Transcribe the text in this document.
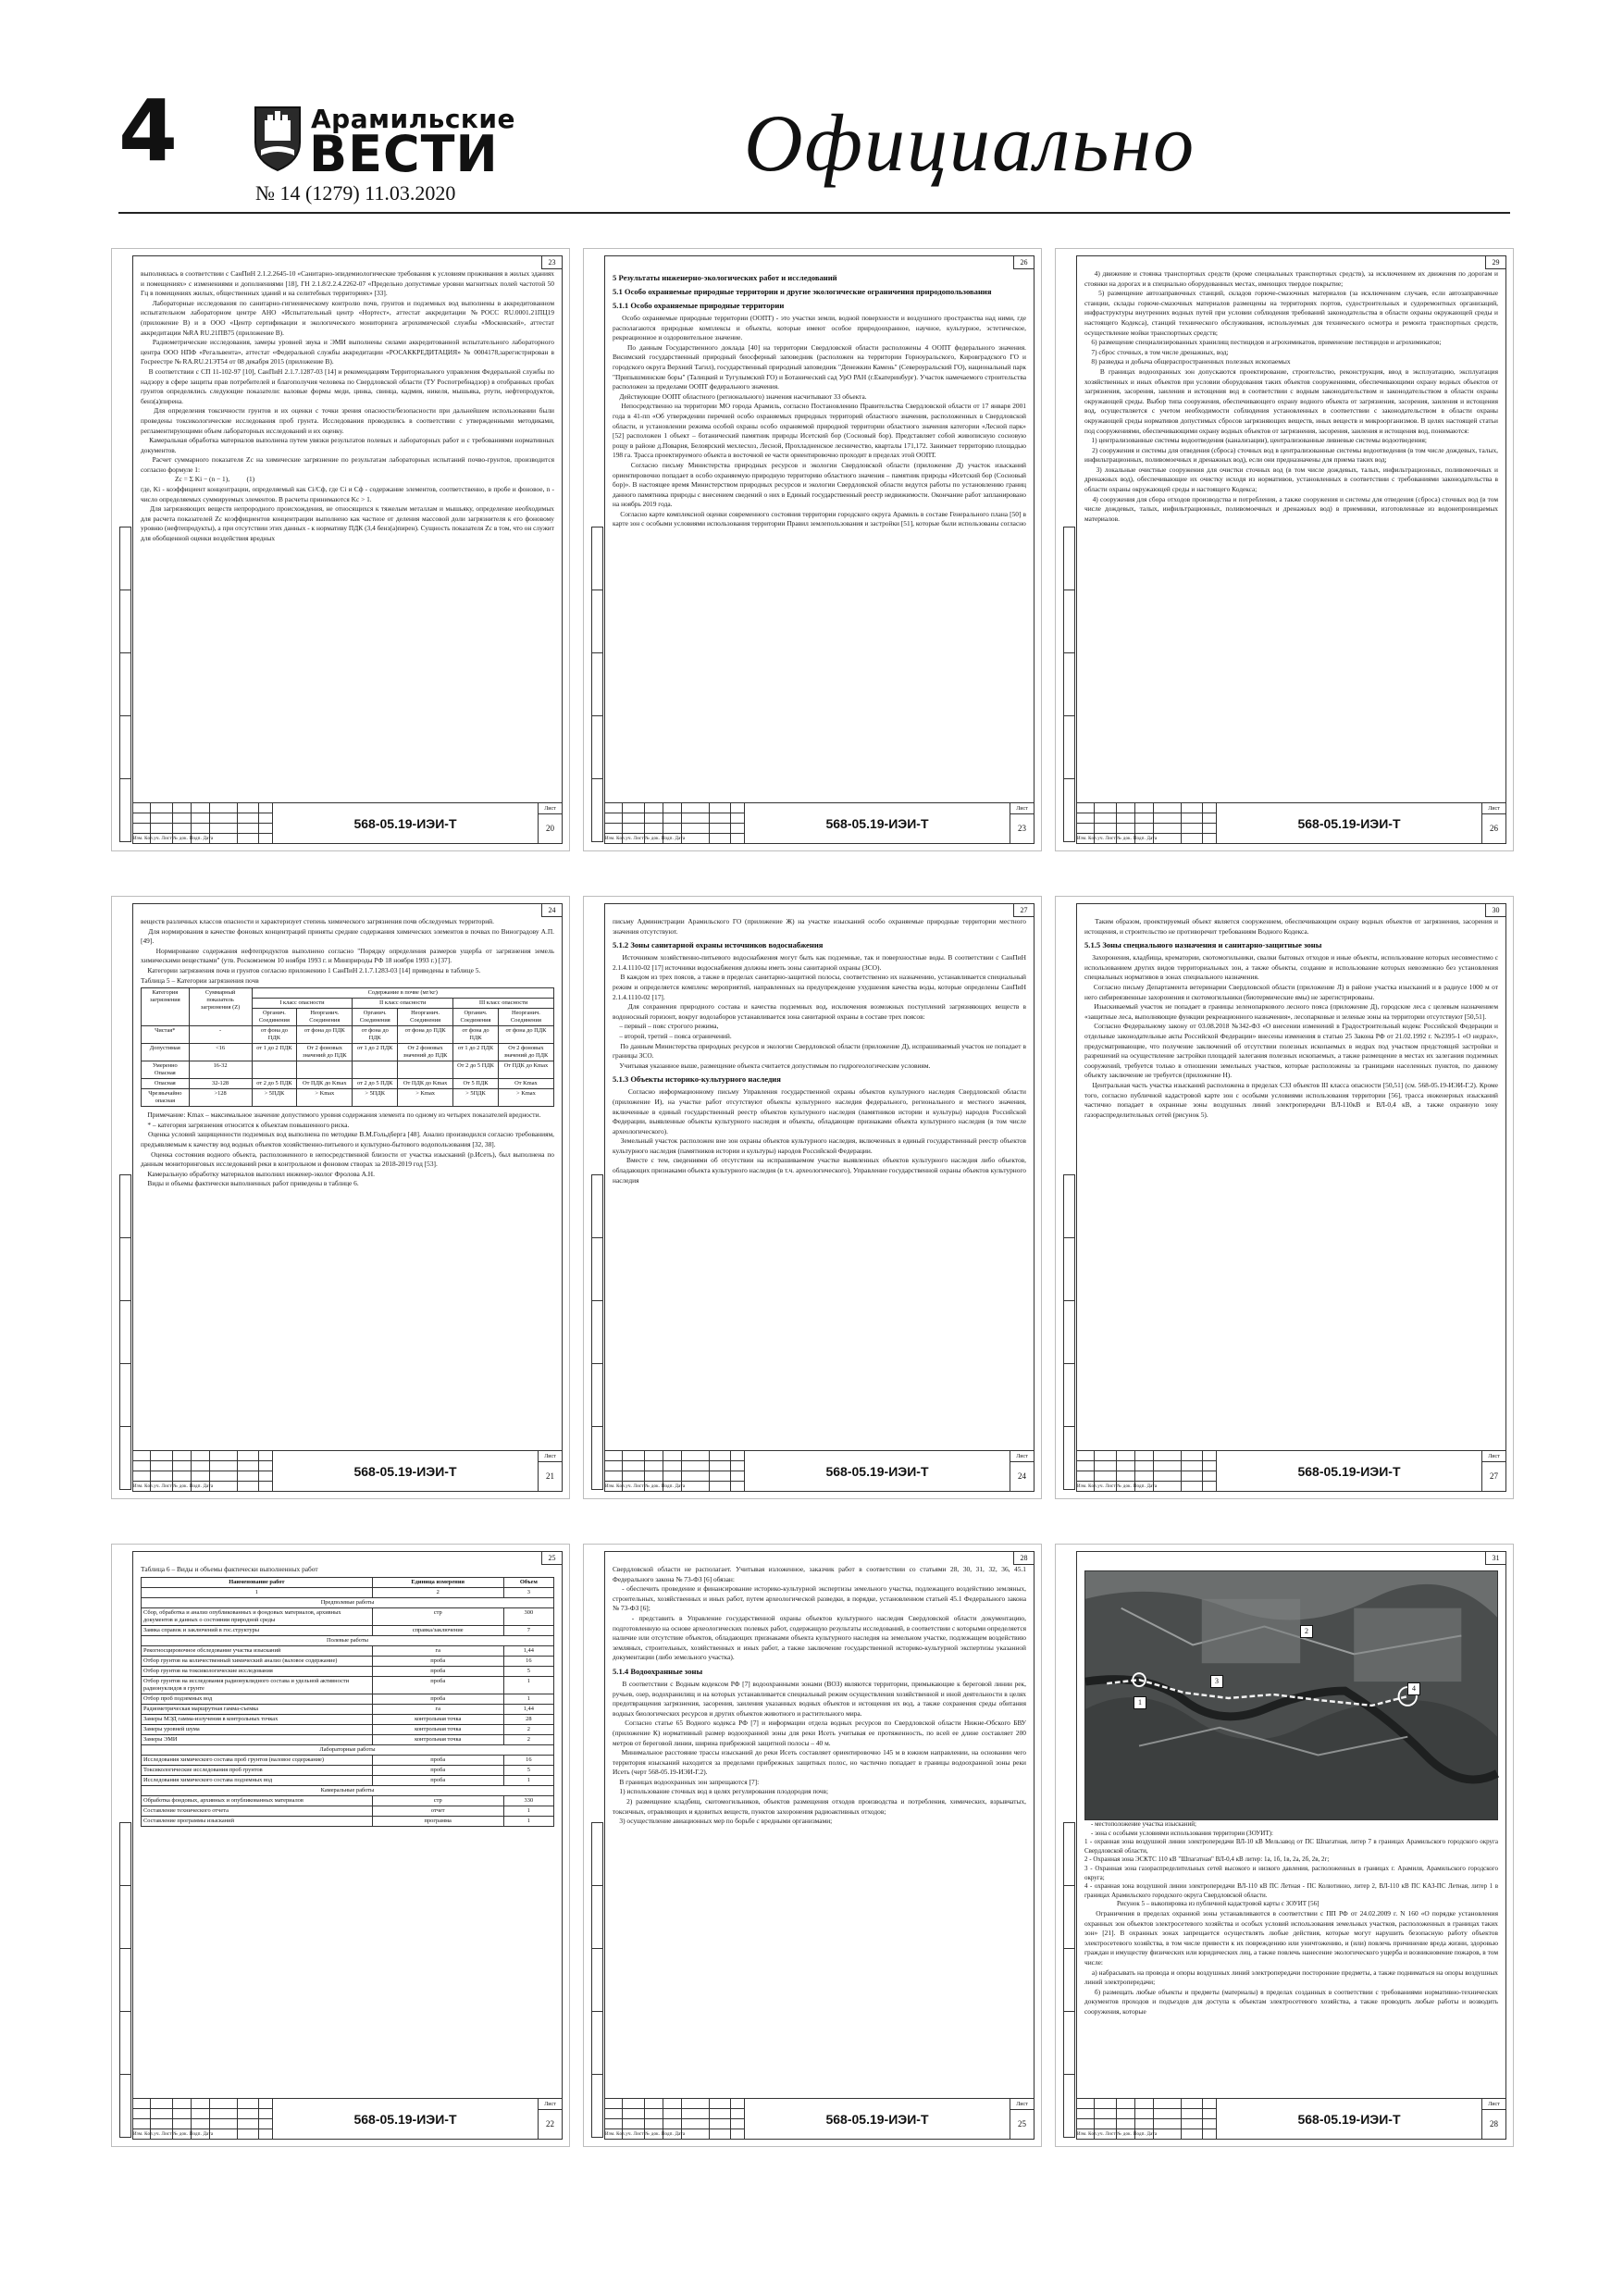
4	Арамильские
ВЕСТИ
№ 14 (1279) 11.03.2020
Официально
23
выполнялась в соответствии с СанПиН 2.1.2.2645-10 «Санитарно-эпидемиологические требования к условиям проживания в жилых зданиях и помещениях» с изменениями и дополнениями [18], ГН 2.1.8/2.2.4.2262-07 «Предельно допустимые уровни магнитных полей частотой 50 Гц в помещениях жилых, общественных зданий и на селитебных территориях» [33].
Лабораторные исследования по санитарно-гигиеническому контролю почв, грунтов и подземных вод выполнены в аккредитованном испытательном лабораторном центре АНО «Испытательный центр «Нортест», аттестат аккредитации №РОСС RU.0001.21ПЦ19 (приложение В) и в ООО «Центр сертификации и экологического мониторинга агрохимической службы «Московский», аттестат аккредитации №RA RU.21ПВ75 (приложение В).
Радиометрические исследования, замеры уровней звука и ЭМИ выполнены силами аккредитованной испытательного лабораторного центра ООО НПФ «Регальвента», аттестат «Федеральной службы аккредитации «РОСАККРЕДИТАЦИЯ» № 0004178,зарегистрирован в Госреестре № RA.RU.21ЭТ54 от 08 декабря 2015 (приложение В).
В соответствии с СП 11-102-97 [10], СанПиН 2.1.7.1287-03 [14] и рекомендациям Территориального управления Федеральной службы по надзору в сфере защиты прав потребителей и благополучия человека по Свердловской области (ТУ Роспотребнадзор) в отобранных пробах грунтов определялись следующие показатели: валовые формы меди, цинка, свинца, кадмия, никеля, мышьяка, ртути, нефтепродуктов, бенз(а)пирена.
Для определения токсичности грунтов и их оценки с точки зрения опасности/безопасности при дальнейшем использовании были проведены токсикологические исследования проб грунта. Исследования проводились в соответствии с утвержденными методиками, регламентирующими объем лабораторных исследований и их оценку.
Камеральная обработка материалов выполнена путем увязки результатов полевых и лабораторных работ и с требованиями нормативных документов.
Расчет суммарного показателя Zc на химические загрязнение по результатам лабораторных испытаний почво-грунтов, производится согласно формуле 1:
Zc = Σ Ki − (n − 1),          (1)
где, Ki - коэффициент концентрации, определяемый как Ci/Cф, где Ci и Cф - содержание элементов, соответственно, в пробе и фоновое, n - число определяемых суммируемых элементов. В расчеты принимаются Kc > 1.
Для загрязняющих веществ непрородного происхождения, не относящихся к тяжелым металлам и мышьяку, определение необходимых для расчета показателей Zc коэффициентов концентрации выполнено как частное от деления массовой доли загрязнителя к его фоновому уровню (нефтепродукты), а при отсутствии этих данных - к нормативу ПДК (3,4 бенз(а)пирен). Сущность показателя Zc в том, что он служит для обобщенной оценки воздействия вредных
Изм. Кол.уч. Лист № док. Подп. Дата
568-05.19-ИЭИ-Т
Лист
20
26
5 Результаты инженерно-экологических работ и исследований
5.1 Особо охраняемые природные территории и другие экологические ограничения природопользования
5.1.1 Особо охраняемые природные территории
Особо охраняемые природные территории (ООПТ) - это участки земли, водной поверхности и воздушного пространства над ними, где располагаются природные комплексы и объекты, которые имеют особое природоохранное, научное, культурное, эстетическое, рекреационное и оздоровительное значение.
По данным Государственного доклада [40] на территории Свердловской области расположены 4 ООПТ федерального значения. Висимский государственный природный биосферный заповедник (расположен на территории Горноуральского, Кировградского ГО и городского округа Верхний Тагил), государственный природный заповедник "Денежкин Камень" (Североуральский ГО), национальный парк "Припышминские боры" (Талицкий и Тугулымский ГО) и Ботанический сад УрО РАН (г.Екатеринбург). Участок намечаемого строительства расположен за пределами ООПТ федерального значения.
Действующие ООПТ областного (регионального) значения насчитывают 33 объекта.
Непосредственно на территории МО города Арамиль, согласно Постановлению Правительства Свердловской области от 17 января 2001 года в 41-пп «Об утверждении перечней особо охраняемых природных территорий областного значения, расположенных в Свердловской области, и установлении режима особой охраны особо охраняемой природной территории областного значения категории «Лесной парк» [52] расположен 1 объект – ботанический памятник природы Исетский бор (Сосновый бор). Представляет собой живописную сосновую рощу в районе д.Поварня, Белоярский мехлесхоз, Лесной, Прохладненское лесничество, кварталы 171,172. Занимает территорию площадью 198 га. Трасса проектируемого объекта в восточной ее части ориентировочно проходит в пределах этой ООПТ.
Согласно письму Министерства природных ресурсов и экологии Свердловской области (приложение Д) участок изысканий ориентировочно попадает в особо охраняемую природную территорию областного значения – памятник природы «Исетский бор (Сосновый бор)». В настоящее время Министерством природных ресурсов и экологии Свердловской области ведутся работы по установлению границ данного памятника природы с внесением сведений о них в Единый государственный реестр недвижимости. Окончание работ запланировано на ноябрь 2019 года.
Согласно карте комплексной оценки современного состояния территории городского округа Арамиль в составе Генерального плана [50] в карте зон с особыми условиями использования территории Правил землепользования и застройки [51], которые были использованы согласно
Изм. Кол.уч. Лист № док. Подп. Дата
568-05.19-ИЭИ-Т
Лист
23
29
4) движение и стоянка транспортных средств (кроме специальных транспортных средств), за исключением их движения по дорогам и стоянки на дорогах и в специально оборудованных местах, имеющих твердое покрытие;
5) размещение автозаправочных станций, складов горюче-смазочных материалов (за исключением случаев, если автозаправочные станции, склады горюче-смазочных материалов размещены на территориях портов, судостроительных и судоремонтных организаций, инфраструктуры внутренних водных путей при условии соблюдения требований законодательства в области охраны окружающей среды и настоящего Кодекса), станций технического обслуживания, используемых для технического осмотра и ремонта транспортных средств, осуществление мойки транспортных средств;
6) размещение специализированных хранилищ пестицидов и агрохимикатов, применение пестицидов и агрохимикатов;
7) сброс сточных, в том числе дренажных, вод;
8) разведка и добыча общераспространенных полезных ископаемых
В границах водоохранных зон допускаются проектирование, строительство, реконструкция, ввод в эксплуатацию, эксплуатация хозяйственных и иных объектов при условии оборудования таких объектов сооружениями, обеспечивающими охрану водных объектов от загрязнения, засорения, заиления и истощения вод в соответствии с водным законодательством и законодательством в области охраны окружающей среды. Выбор типа сооружения, обеспечивающего охрану водного объекта от загрязнения, засорения, заиления и истощения вод, осуществляется с учетом необходимости соблюдения установленных в соответствии с законодательством в области охраны окружающей среды нормативов допустимых сбросов загрязняющих веществ, иных веществ и микроорганизмов. В целях настоящей статьи под сооружениями, обеспечивающими охрану водных объектов от загрязнения, засорения, заиления и истощения вод, понимаются:
1) централизованные системы водоотведения (канализации), централизованные ливневые системы водоотведения;
2) сооружения и системы для отведения (сброса) сточных вод в централизованные системы водоотведения (в том числе дождевых, талых, инфильтрационных, поливомоечных и дренажных вод), если они предназначены для приема таких вод;
3) локальные очистные сооружения для очистки сточных вод (в том числе дождевых, талых, инфильтрационных, поливомоечных и дренажных вод), обеспечивающие их очистку исходя из нормативов, установленных в соответствии с требованиями законодательства в области охраны окружающей среды и настоящего Кодекса;
4) сооружения для сбора отходов производства и потребления, а также сооружения и системы для отведения (сброса) сточных вод (в том числе дождевых, талых, инфильтрационных, поливомоечных и дренажных вод) в приемники, изготовленные из водонепроницаемых материалов.
Изм. Кол.уч. Лист № док. Подп. Дата
568-05.19-ИЭИ-Т
Лист
26
24
веществ различных классов опасности и характеризует степень химического загрязнения почв обследуемых территорий.
Для нормирования в качестве фоновых концентраций приняты средние содержания химических элементов в почвах по Виноградову А.П. [49].
Нормирование содержания нефтепродуктов выполнено согласно "Порядку определения размеров ущерба от загрязнения земель химическими веществами" (утв. Роскомземом 10 ноября 1993 г. и Минприроды РФ 18 ноября 1993 г.) [37].
Категории загрязнения почв и грунтов согласно приложению 1 СанПиН 2.1.7.1283-03 [14] приведены в таблице 5.
Таблица 5 – Категории загрязнения почв
Категория загрязнения	Суммарный показатель загрязнения (Z)	Содержание в почве (мг/кг)					
		I класс опасности		II класс опасности		III класс опасности	
		Органич. Соединения	Неорганич. Соединения	Органич. Соединения	Неорганич. Соединения	Органич. Соединения	Неорганич. Соединения
Чистая*	-	от фона до ПДК	от фона до ПДК	от фона до ПДК	от фона до ПДК	от фона до ПДК	от фона до ПДК
Допустимая	<16	от 1 до 2 ПДК	От 2 фоновых значений до ПДК	от 1 до 2 ПДК	От 2 фоновых значений до ПДК	от 1 до 2 ПДК	От 2 фоновых значений до ПДК
Умеренно Опасная	16-32					От 2 до 5 ПДК	От ПДК до Kmax
Опасная	32-128	от 2 до 5 ПДК	От ПДК до Kmax	от 2 до 5 ПДК	От ПДК до Kmax	От 5 ПДК	От Kmax
Чрезвычайно опасная	>128	> 5ПДК	> Kmax	> 5ПДК	> Kmax	> 5ПДК	> Kmax
Примечание: Kmax – максимальное значение допустимого уровня содержания элемента по одному из четырех показателей вредности.
* – категория загрязнения относится к объектам повышенного риска.
Оценка условий защищенности подземных вод выполнена по методике В.М.Гольдберга [48]. Анализ производился согласно требованиям, предъявляемым к качеству вод водных объектов хозяйственно-питьевого и культурно-бытового водопользования [32, 38].
Оценка состояния водного объекта, расположенного в непосредственной близости от участка изысканий (р.Исеть), был выполнена по данным мониторинговых исследований реки в контрольном и фоновом створах за 2018-2019 год [53].
Камеральную обработку материалов выполнил инженер-эколог Фролова А.Н.
Виды и объемы фактически выполненных работ приведены в таблице 6.
Изм. Кол.уч. Лист № док. Подп. Дата
568-05.19-ИЭИ-Т
Лист
21
27
письму Администрации Арамильского ГО (приложение Ж) на участке изысканий особо охраняемые природные территории местного значения отсутствуют.
5.1.2 Зоны санитарной охраны источников водоснабжения
Источником хозяйственно-питьевого водоснабжения могут быть как подземные, так и поверхностные воды. В соответствии с СанПиН 2.1.4.1110-02 [17] источники водоснабжения должны иметь зоны санитарной охраны (ЗСО).
В каждом из трех поясов, а также в пределах санитарно-защитной полосы, соответственно их назначению, устанавливается специальный режим и определяется комплекс мероприятий, направленных на предупреждение ухудшения качества воды, которые определены СанПиН 2.1.4.1110-02 [17].
Для сохранения природного состава и качества подземных вод, исключения возможных поступлений загрязняющих веществ в водоносный горизонт, вокруг водозаборов устанавливается зона санитарной охраны в составе трех поясов:
– первый – пояс строгого режима,
– второй, третий – пояса ограничений.
По данным Министерства природных ресурсов и экологии Свердловской области (приложение Д), испрашиваемый участок не попадает в границы ЗСО.
Учитывая указанное выше, размещение объекта считается допустимым по гидрогеологическим условиям.
5.1.3 Объекты историко-культурного наследия
Согласно информационному письму Управления государственной охраны объектов культурного наследия Свердловской области (приложение И), на участке работ отсутствуют объекты культурного наследия федерального, регионального и местного значения, включенные в единый государственный реестр объектов культурного наследия (памятников истории и культуры) народов Российской Федерации, выявленные объекты культурного наследия и объекты, обладающие признаками объекта культурного наследия (в том числе археологического).
Земельный участок расположен вне зон охраны объектов культурного наследия, включенных в единый государственный реестр объектов культурного наследия (памятников истории и культуры) народов Российской Федерации.
Вместе с тем, сведениями об отсутствии на испрашиваемом участке выявленных объектов культурного наследия либо объектов, обладающих признаками объекта культурного наследия (в т.ч. археологического), Управление государственной охраны объектов культурного наследия
Изм. Кол.уч. Лист № док. Подп. Дата
568-05.19-ИЭИ-Т
Лист
24
30
Таким образом, проектируемый объект является сооружением, обеспечивающим охрану водных объектов от загрязнения, засорения и истощения, и строительство не противоречит требованиям Водного Кодекса.
5.1.5 Зоны специального назначения и санитарно-защитные зоны
Захоронения, кладбища, крематории, скотомогильники, свалки бытовых отходов и иные объекты, использование которых несовместимо с использованием других видов территориальных зон, а также объекты, создание и использование которых невозможно без установления специальных нормативов в зонах специального назначения.
Согласно письму Департамента ветеринарии Свердловской области (приложение Л) в районе участка изысканий и в радиусе 1000 м от него сибиреязвенные захоронения и скотомогильники (биотермические ямы) не зарегистрированы.
Изыскиваемый участок не попадает в границы зеленопаркового лесного пояса (приложение Д), городские леса с целевым назначением «защитные леса, выполняющие функции рекреационного назначения», лесопарковые и зеленые зоны на территории отсутствуют [50,51].
Согласно Федеральному закону от 03.08.2018 №342-ФЗ «О внесении изменений в Градостроительный кодекс Российской Федерации и отдельные законодательные акты Российской Федерации» внесены изменения в статью 25 Закона РФ от 21.02.1992 г. №2395-1 «О недрах», предусматривающие, что получение заключений об отсутствии полезных ископаемых в недрах под участком предстоящей застройки и разрешений на осуществление застройки площадей залегания полезных ископаемых, а также размещение в местах их залегания подземных сооружений, требуется только в отношении земельных участков, которые расположены за границами населенных пунктов, по данному объекту заключение не требуется (приложение Н).
Центральная часть участка изысканий расположена в пределах СЗЗ объектов III класса опасности [50,51] (см. 568-05.19-ИЭИ-Г.2). Кроме того, согласно публичной кадастровой карте зон с особыми условиями использования территории [56], трасса инженерных изысканий частично попадает в охранные зоны воздушных линий электропередачи ВЛ-110кВ и ВЛ-0,4 кВ, а также охранную зону газораспределительных сетей (рисунок 5).
Изм. Кол.уч. Лист № док. Подп. Дата
568-05.19-ИЭИ-Т
Лист
27
25
Таблица 6 – Виды и объемы фактически выполненных работ
Наименование работ	Единица измерения	Объем
1	2	3
Предполевые работы		
Сбор, обработка и анализ опубликованных и фондовых материалов, архивных документов и данных о состоянии природной среды	стр	300
Заявка справок и заключений в гос.структуры	справка/заключение	7
Полевые работы		
Рекогносцировочное обследование участка изысканий	га	1,44
Отбор грунтов на количественный химический анализ (валовое содержание)	проба	16
Отбор грунтов на токсикологические исследования	проба	5
Отбор грунтов на исследования радионуклидного состава и удельной активности радионуклидов в грунте	проба	1
Отбор проб подземных вод	проба	1
Радиометрическая маршрутная гамма-съемка	га	1,44
Замеры МЭД гамма-излучения в контрольных точках	контрольная точка	28
Замеры уровней шума	контрольная точка	2
Замеры ЭМИ	контрольная точка	2
Лабораторные работы		
Исследования химического состава проб грунтов (валовое содержание)	проба	16
Токсикологические исследования проб грунтов	проба	5
Исследования химического состава подземных вод	проба	1
Камеральные работы		
Обработка фондовых, архивных и опубликованных материалов	стр	330
Составление технического отчета	отчет	1
Составление программы изысканий	программа	1
Изм. Кол.уч. Лист № док. Подп. Дата
568-05.19-ИЭИ-Т
Лист
22
28
Свердловской области не располагает. Учитывая изложенное, заказчик работ в соответствии со статьями 28, 30, 31, 32, 36, 45.1 Федерального закона № 73-ФЗ [6] обязан:
- обеспечить проведение и финансирование историко-культурной экспертизы земельного участка, подлежащего воздействию земляных, строительных, хозяйственных и иных работ, путем археологической разведки, в порядке, установленном статьей 45.1 Федерального закона № 73-ФЗ [6];
- представить в Управление государственной охраны объектов культурного наследия Свердловской области документацию, подготовленную на основе археологических полевых работ, содержащую результаты исследований, в соответствии с которыми определяется наличие или отсутствие объектов, обладающих признаками объекта культурного наследия на земельном участке, подлежащем воздействию земляных, строительных, хозяйственных и иных работ, а также заключение государственной историко-культурной экспертизы указанной документации (либо земельного участка).
5.1.4 Водоохранные зоны
В соответствии с Водным кодексом РФ [7] водоохранными зонами (ВОЗ) являются территории, примыкающие к береговой линии рек, ручьев, озер, водохранилищ и на которых устанавливается специальный режим осуществления хозяйственной и иной деятельности в целях предотвращения загрязнения, засорения, заиления указанных водных объектов и истощения их вод, а также сохранения среды обитания водных биологических ресурсов и других объектов животного и растительного мира.
Согласно статье 65 Водного кодекса РФ [7] и информации отдела водных ресурсов по Свердловской области Нижне-Обского БВУ (приложение К) нормативный размер водоохранной зоны для реки Исеть учитывая ее протяженность, по всей ее длине составляет 200 метров от береговой линии, ширина прибрежной защитной полосы – 40 м.
Минимальное расстояние трассы изысканий до реки Исеть составляет ориентировочно 145 м в южном направлении, на основании чего территория изысканий находится за пределами прибрежных защитных полос, но частично попадает в границы водоохранной зоны реки Исеть (черт 568-05.19-ИЭИ-Г.2).
В границах водоохранных зон запрещаются [7]:
1) использование сточных вод в целях регулирования плодородия почв;
2) размещение кладбищ, скотомогильников, объектов размещения отходов производства и потребления, химических, взрывчатых, токсичных, отравляющих и ядовитых веществ, пунктов захоронения радиоактивных отходов;
3) осуществление авиационных мер по борьбе с вредными организмами;
Изм. Кол.уч. Лист № док. Подп. Дата
568-05.19-ИЭИ-Т
Лист
25
31
1
2
3
4
- местоположение участка изысканий;
- зона с особыми условиями использования территории (ЗОУИТ):
1 - охранная зона воздушной линии электропередачи ВЛ-10 кВ Мельзавод от ПС Шпагатная, литер 7 в границах Арамильского городского округа Свердловской области,
2 - Охранная зона ЭСКТС 110 кВ "Шпагатная" ВЛ-0,4 кВ литер: 1а, 1б, 1в, 2а, 2б, 2в, 2г;
3 - Охранная зона газораспределительных сетей высокого и низкого давления, расположенных в границах г. Арамиля, Арамильского городского округа;
4 - охранная зона воздушной линии электропередачи ВЛ-110 кВ ПС Летная - ПС Колютинно, литер 2, ВЛ-110 кВ ПС КАЗ-ПС Летная, литер 1 в границах Арамильского городского округа Свердловской области.
Рисунок 5 – выкопировка из публичной кадастровой карты с ЗОУИТ [56]
Ограничения в пределах охранной зоны устанавливаются в соответствии с ПП РФ от 24.02.2009 г. N 160 «О порядке установления охранных зон объектов электросетевого хозяйства и особых условий использования земельных участков, расположенных в границах таких зон» [21]. В охранных зонах запрещается осуществлять любые действия, которые могут нарушить безопасную работу объектов электросетевого хозяйства, в том числе привести к их повреждению или уничтожению, и (или) повлечь причинение вреда жизни, здоровью граждан и имуществу физических или юридических лиц, а также повлечь нанесение экологического ущерба и возникновение пожаров, в том числе:
а) набрасывать на провода и опоры воздушных линий электропередачи посторонние предметы, а также подниматься на опоры воздушных линий электропередачи;
б) размещать любые объекты и предметы (материалы) в пределах созданных в соответствии с требованиями нормативно-технических документов проходов и подъездов для доступа к объектам электросетевого хозяйства, а также проводить любые работы и возводить сооружения, которые
Изм. Кол.уч. Лист № док. Подп. Дата
568-05.19-ИЭИ-Т
Лист
28
